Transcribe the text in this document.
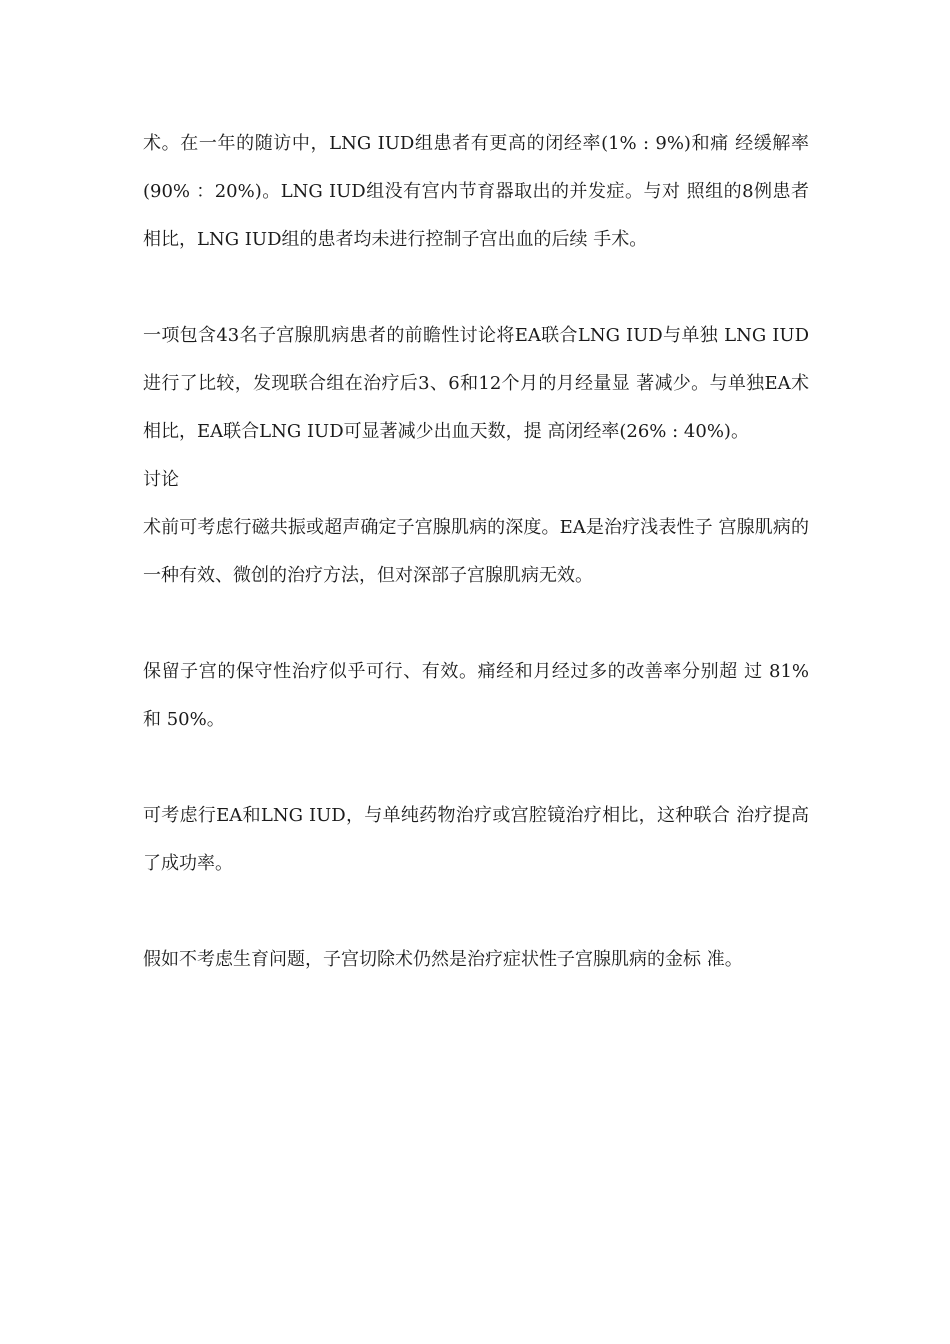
术。在一年的随访中，LNG IUD组患者有更高的闭经率(1% : 9%)和痛 经缓解率(90% ：20%)。LNG IUD组没有宫内节育器取出的并发症。与对 照组的8例患者相比，LNG IUD组的患者均未进行控制子宫出血的后续 手术。

一项包含43名子宫腺肌病患者的前瞻性讨论将EA联合LNG IUD与单独 LNG IUD进行了比较，发现联合组在治疗后3、6和12个月的月经量显 著减少。与单独EA术相比，EA联合LNG IUD可显著减少出血天数，提 高闭经率(26% : 40%)。

讨论

术前可考虑行磁共振或超声确定子宫腺肌病的深度。EA是治疗浅表性子 宫腺肌病的一种有效、微创的治疗方法，但对深部子宫腺肌病无效。

保留子宫的保守性治疗似乎可行、有效。痛经和月经过多的改善率分别超 过 81% 和 50%。

可考虑行EA和LNG IUD，与单纯药物治疗或宫腔镜治疗相比，这种联合 治疗提高了成功率。

假如不考虑生育问题，子宫切除术仍然是治疗症状性子宫腺肌病的金标 准。
